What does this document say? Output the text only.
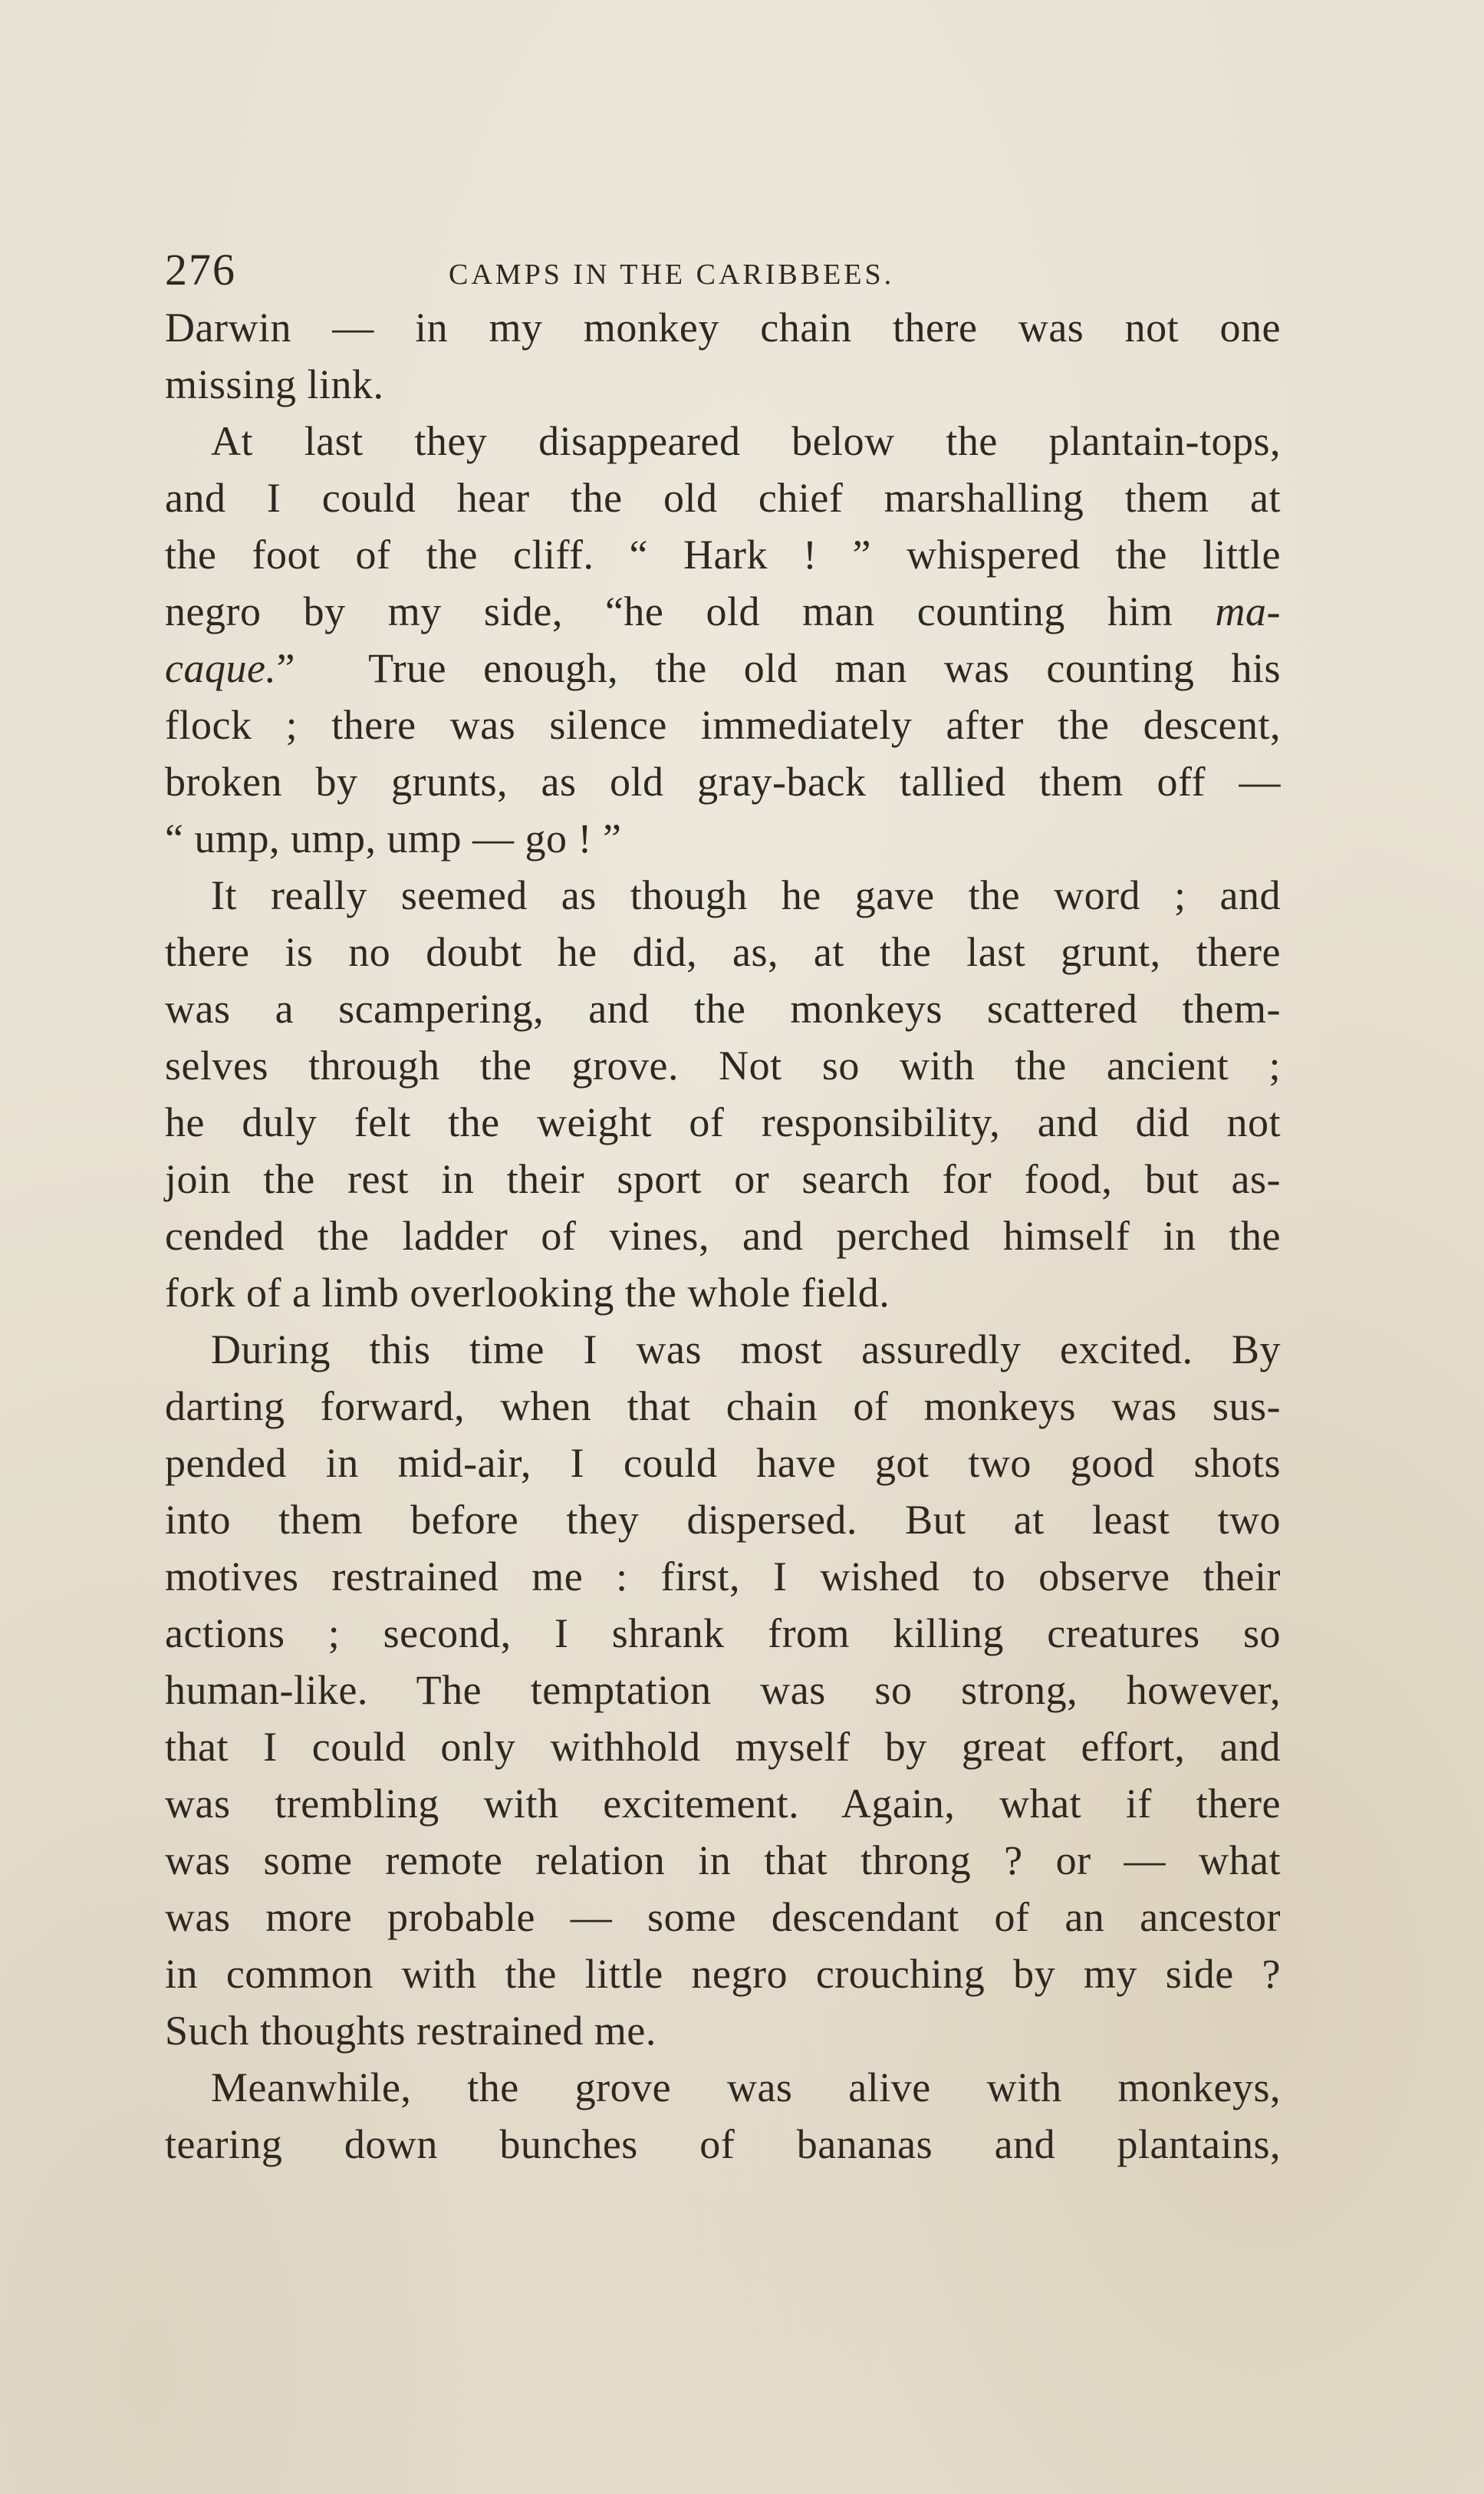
276	CAMPS IN THE CARIBBEES.

Darwin — in my monkey chain there was not one
missing link.

At last they disappeared below the plantain-tops,
and I could hear the old chief marshalling them at
the foot of the cliff. “ Hark ! ” whispered the little
negro by my side, “he old man counting him ma-
caque.”  True enough, the old man was counting his
flock ; there was silence immediately after the descent,
broken by grunts, as old gray-back tallied them off —
“ ump, ump, ump — go ! ”

It really seemed as though he gave the word ; and
there is no doubt he did, as, at the last grunt, there
was a scampering, and the monkeys scattered them-
selves through the grove. Not so with the ancient ;
he duly felt the weight of responsibility, and did not
join the rest in their sport or search for food, but as-
cended the ladder of vines, and perched himself in the
fork of a limb overlooking the whole field.

During this time I was most assuredly excited. By
darting forward, when that chain of monkeys was sus-
pended in mid-air, I could have got two good shots
into them before they dispersed. But at least two
motives restrained me : first, I wished to observe their
actions ; second, I shrank from killing creatures so
human-like. The temptation was so strong, however,
that I could only withhold myself by great effort, and
was trembling with excitement. Again, what if there
was some remote relation in that throng ? or — what
was more probable — some descendant of an ancestor
in common with the little negro crouching by my side ?
Such thoughts restrained me.

Meanwhile, the grove was alive with monkeys,
tearing down bunches of bananas and plantains,
